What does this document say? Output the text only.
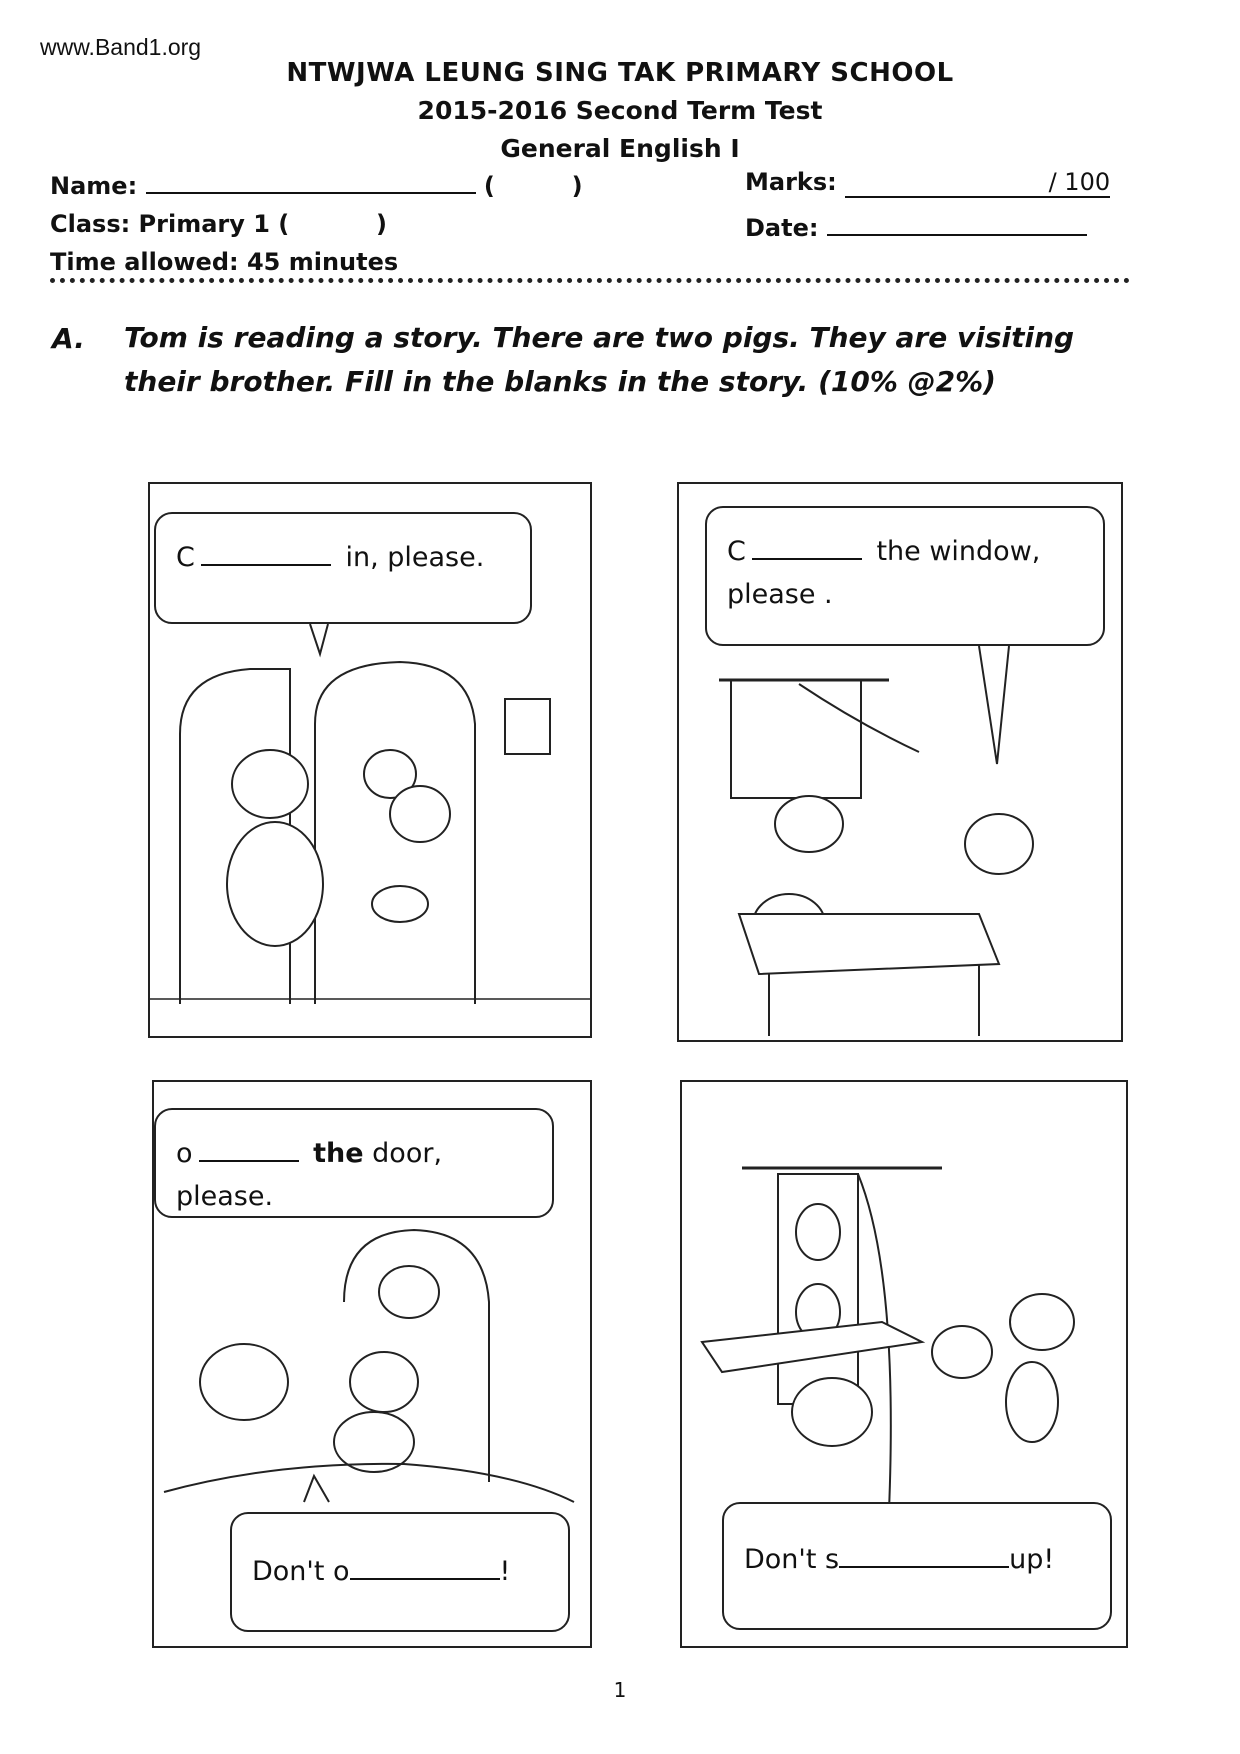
www.Band1.org
NTWJWA LEUNG SING TAK PRIMARY SCHOOL
2015-2016 Second Term Test
General English I
Name:	(	)	Marks:	/ 100
Class: Primary 1 (	)	Date:
Time allowed: 45 minutes
A. Tom is reading a story. There are two pigs. They are visiting their brother. Fill in the blanks in the story. (10% @2%)
C	in, please.	C	the window,
please .
o	the door, please.
Don't o	!	Don't s	up!
1
